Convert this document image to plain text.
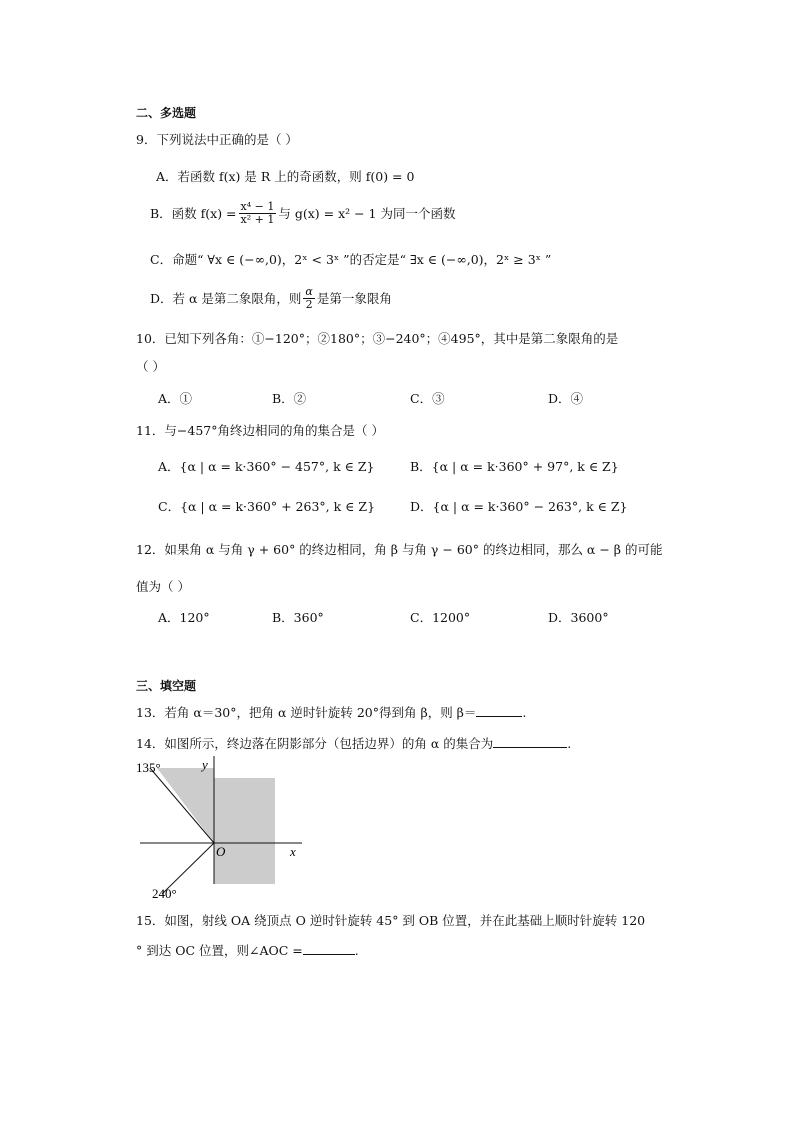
二、多选题
9．下列说法中正确的是（ ）
A．若函数 f(x) 是 R 上的奇函数，则 f(0) = 0
B．函数 $f(x) = \frac{\text{x⁴ − 1}}{\text{x² + 1}}$ 与 g(x) = x² − 1 为同一个函数
C．命题“ ∀x ∈ (−∞,0)，2ˣ < 3ˣ ”的否定是“ ∃x ∈ (−∞,0)，2ˣ ≥ 3ˣ ”
D．若 α 是第二象限角，则 $\frac{\alpha}{2}$ 是第一象限角
10．已知下列各角：①−120°；②180°；③−240°；④495°，其中是第二象限角的是
（ ）
A．①	B．②	C．③	D．④
11．与−457°角终边相同的角的集合是（ ）
A．{α | α = k·360° − 457°, k ∈ Z}	B．{α | α = k·360° + 97°, k ∈ Z}
C．{α | α = k·360° + 263°, k ∈ Z}	D．{α | α = k·360° − 263°, k ∈ Z}
12．如果角 α 与角 γ + 60° 的终边相同，角 β 与角 γ − 60° 的终边相同，那么 α − β 的可能
值为（ ）
A．120°	B．360°	C．1200°	D．3600°
三、填空题
13．若角 α＝30°，把角 α 逆时针旋转 20°得到角 β，则 β＝	.
14．如图所示，终边落在阴影部分（包括边界）的角 α 的集合为	.
135°
240°
y
x
O
15．如图，射线 OA 绕顶点 O 逆时针旋转 45° 到 OB 位置，并在此基础上顺时针旋转 120
° 到达 OC 位置，则∠AOC =	.
